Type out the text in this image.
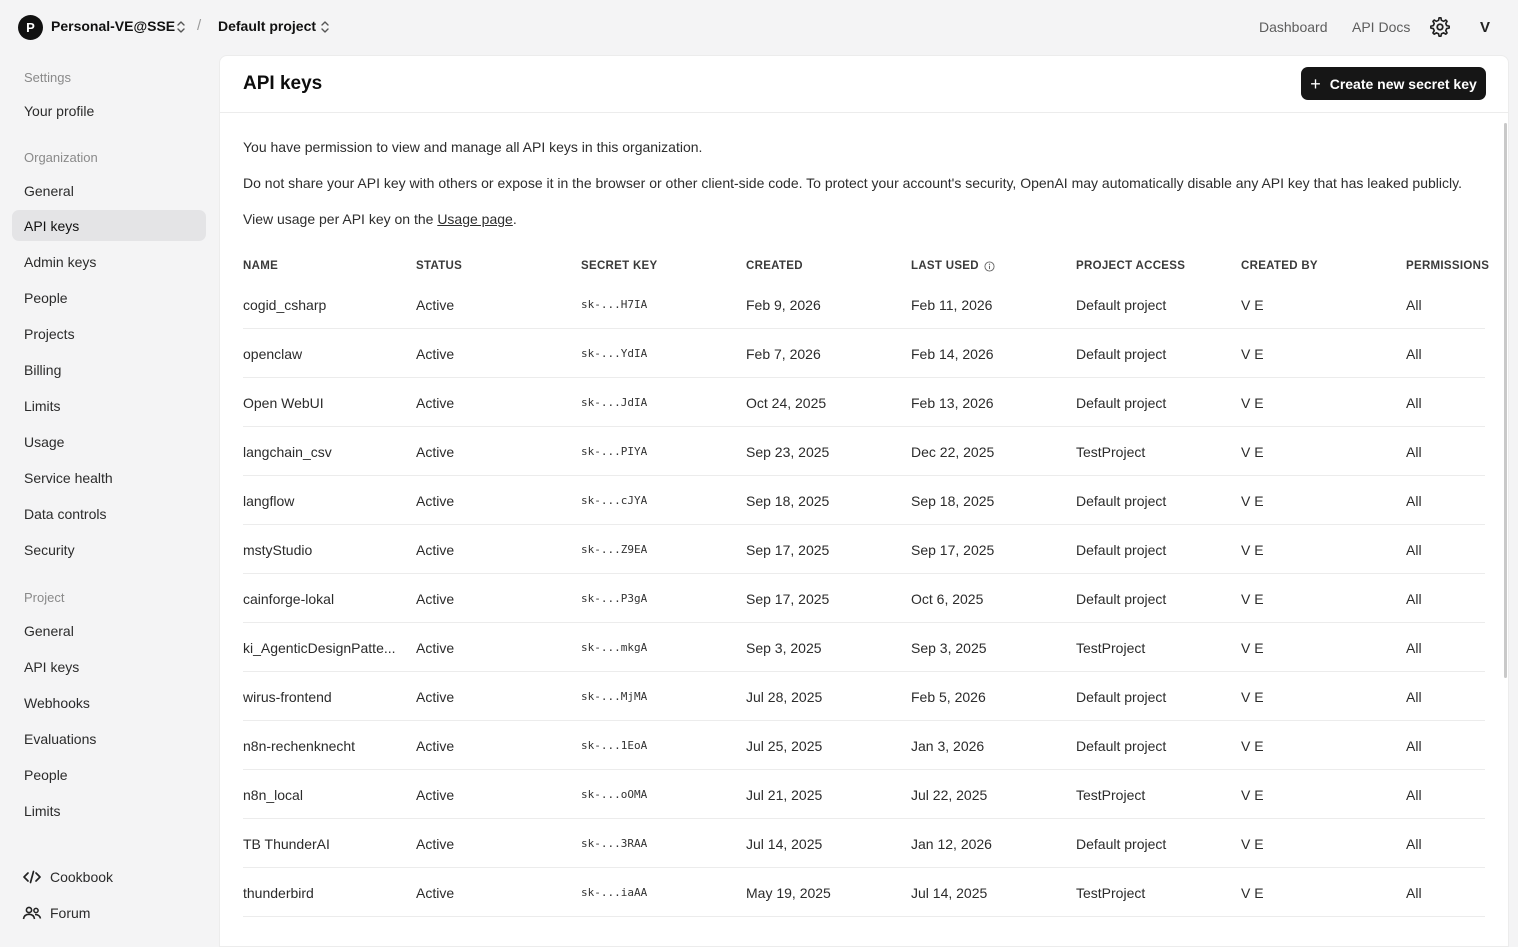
P	Personal-VE@SSE / Default project	Dashboard API Docs	V
Settings
Your profile
Organization
General
API keys
Admin keys
People
Projects
Billing
Limits
Usage
Service health
Data controls
Security
Project
General
API keys
Webhooks
Evaluations
People
Limits
Cookbook
Forum
API keys	+ Create new secret key
You have permission to view and manage all API keys in this organization.
Do not share your API key with others or expose it in the browser or other client-side code. To protect your account's security, OpenAI may automatically disable any API key that has leaked publicly.
View usage per API key on the Usage page.
NAME	STATUS	SECRET KEY	CREATED	LAST USED	PROJECT ACCESS	CREATED BY	PERMISSIONS
cogid_csharp	Active	sk-...H7IA	Feb 9, 2026	Feb 11, 2026	Default project	V E	All
openclaw	Active	sk-...YdIA	Feb 7, 2026	Feb 14, 2026	Default project	V E	All
Open WebUI	Active	sk-...JdIA	Oct 24, 2025	Feb 13, 2026	Default project	V E	All
langchain_csv	Active	sk-...PIYA	Sep 23, 2025	Dec 22, 2025	TestProject	V E	All
langflow	Active	sk-...cJYA	Sep 18, 2025	Sep 18, 2025	Default project	V E	All
mstyStudio	Active	sk-...Z9EA	Sep 17, 2025	Sep 17, 2025	Default project	V E	All
cainforge-lokal	Active	sk-...P3gA	Sep 17, 2025	Oct 6, 2025	Default project	V E	All
ki_AgenticDesignPatte...	Active	sk-...mkgA	Sep 3, 2025	Sep 3, 2025	TestProject	V E	All
wirus-frontend	Active	sk-...MjMA	Jul 28, 2025	Feb 5, 2026	Default project	V E	All
n8n-rechenknecht	Active	sk-...1EoA	Jul 25, 2025	Jan 3, 2026	Default project	V E	All
n8n_local	Active	sk-...oOMA	Jul 21, 2025	Jul 22, 2025	TestProject	V E	All
TB ThunderAI	Active	sk-...3RAA	Jul 14, 2025	Jan 12, 2026	Default project	V E	All
thunderbird	Active	sk-...iaAA	May 19, 2025	Jul 14, 2025	TestProject	V E	All
